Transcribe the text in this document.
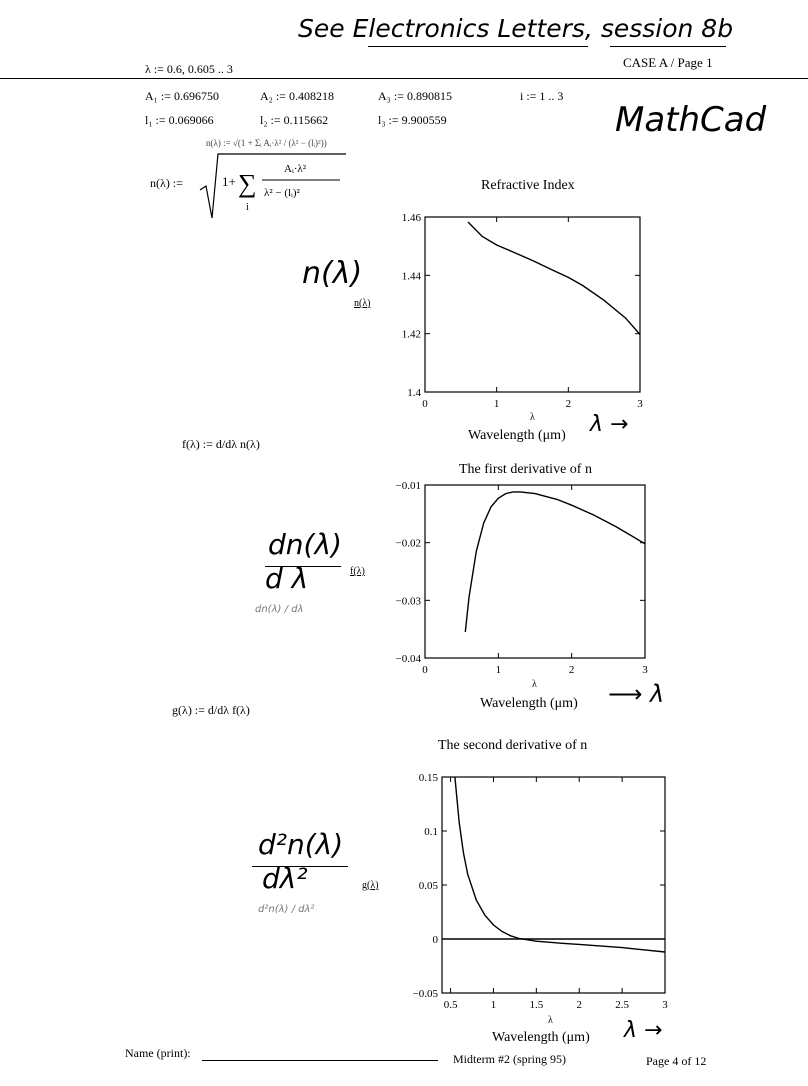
See Electronics Letters, session 8b
λ := 0.6, 0.605 .. 3	CASE A / Page 1
A₁ := 0.696750	A₂ := 0.408218	A₃ := 0.890815	i := 1 .. 3
l₁ := 0.069066	l₂ := 0.115662	l₃ := 9.900559	MathCad
n(λ) := √(1 + Σᵢ Aᵢ·λ² / (λ² − (lᵢ)²))
n(λ) :=	1+ ∑
i
Aᵢ·λ²
λ² − (lᵢ)²	Refractive Index
0	1	2	3
1.4
1.42
1.44
1.46
Wavelength (μm)
λ
n(λ)
n(λ)
λ →
f(λ) := d/dλ n(λ)
The first derivative of n
0	1	2	3
−0.04
−0.03
−0.02
−0.01
Wavelength (μm)
λ
f(λ)
dn(λ)
d λ
dn(λ) / dλ
⟶ λ
g(λ) := d/dλ f(λ)
The second derivative of n
0.5	1	1.5	2	2.5	3
−0.05
0
0.05
0.1
0.15
Wavelength (μm)
λ
g(λ)
d²n(λ)
dλ²
d²n(λ) / dλ²
λ →
Name (print):	Midterm #2 (spring 95)	Page 4 of 12
